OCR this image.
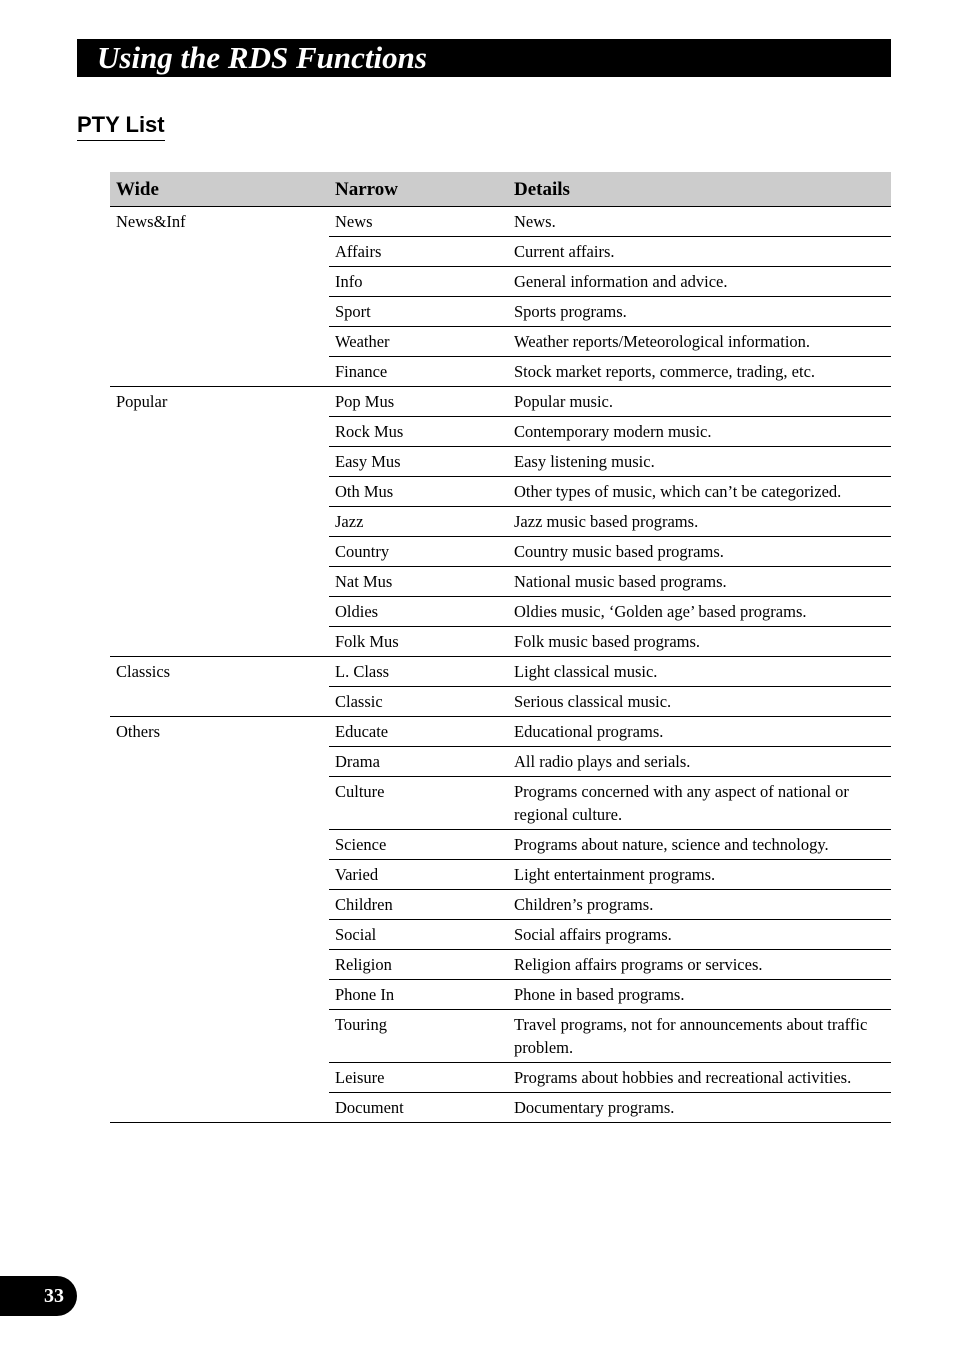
Using the RDS Functions
PTY List
Wide	Narrow	Details
News&Inf	News	News.
	Affairs	Current affairs.
	Info	General information and advice.
	Sport	Sports programs.
	Weather	Weather reports/Meteorological information.
	Finance	Stock market reports, commerce, trading, etc.
Popular	Pop Mus	Popular music.
	Rock Mus	Contemporary modern music.
	Easy Mus	Easy listening music.
	Oth Mus	Other types of music, which can’t be categorized.
	Jazz	Jazz music based programs.
	Country	Country music based programs.
	Nat Mus	National music based programs.
	Oldies	Oldies music, ‘Golden age’ based programs.
	Folk Mus	Folk music based programs.
Classics	L. Class	Light classical music.
	Classic	Serious classical music.
Others	Educate	Educational programs.
	Drama	All radio plays and serials.
	Culture	Programs concerned with any aspect of national or regional culture.
	Science	Programs about nature, science and technology.
	Varied	Light entertainment programs.
	Children	Children’s programs.
	Social	Social affairs programs.
	Religion	Religion affairs programs or services.
	Phone In	Phone in based programs.
	Touring	Travel programs, not for announcements about traffic problem.
	Leisure	Programs about hobbies and recreational activities.
	Document	Documentary programs.
33
